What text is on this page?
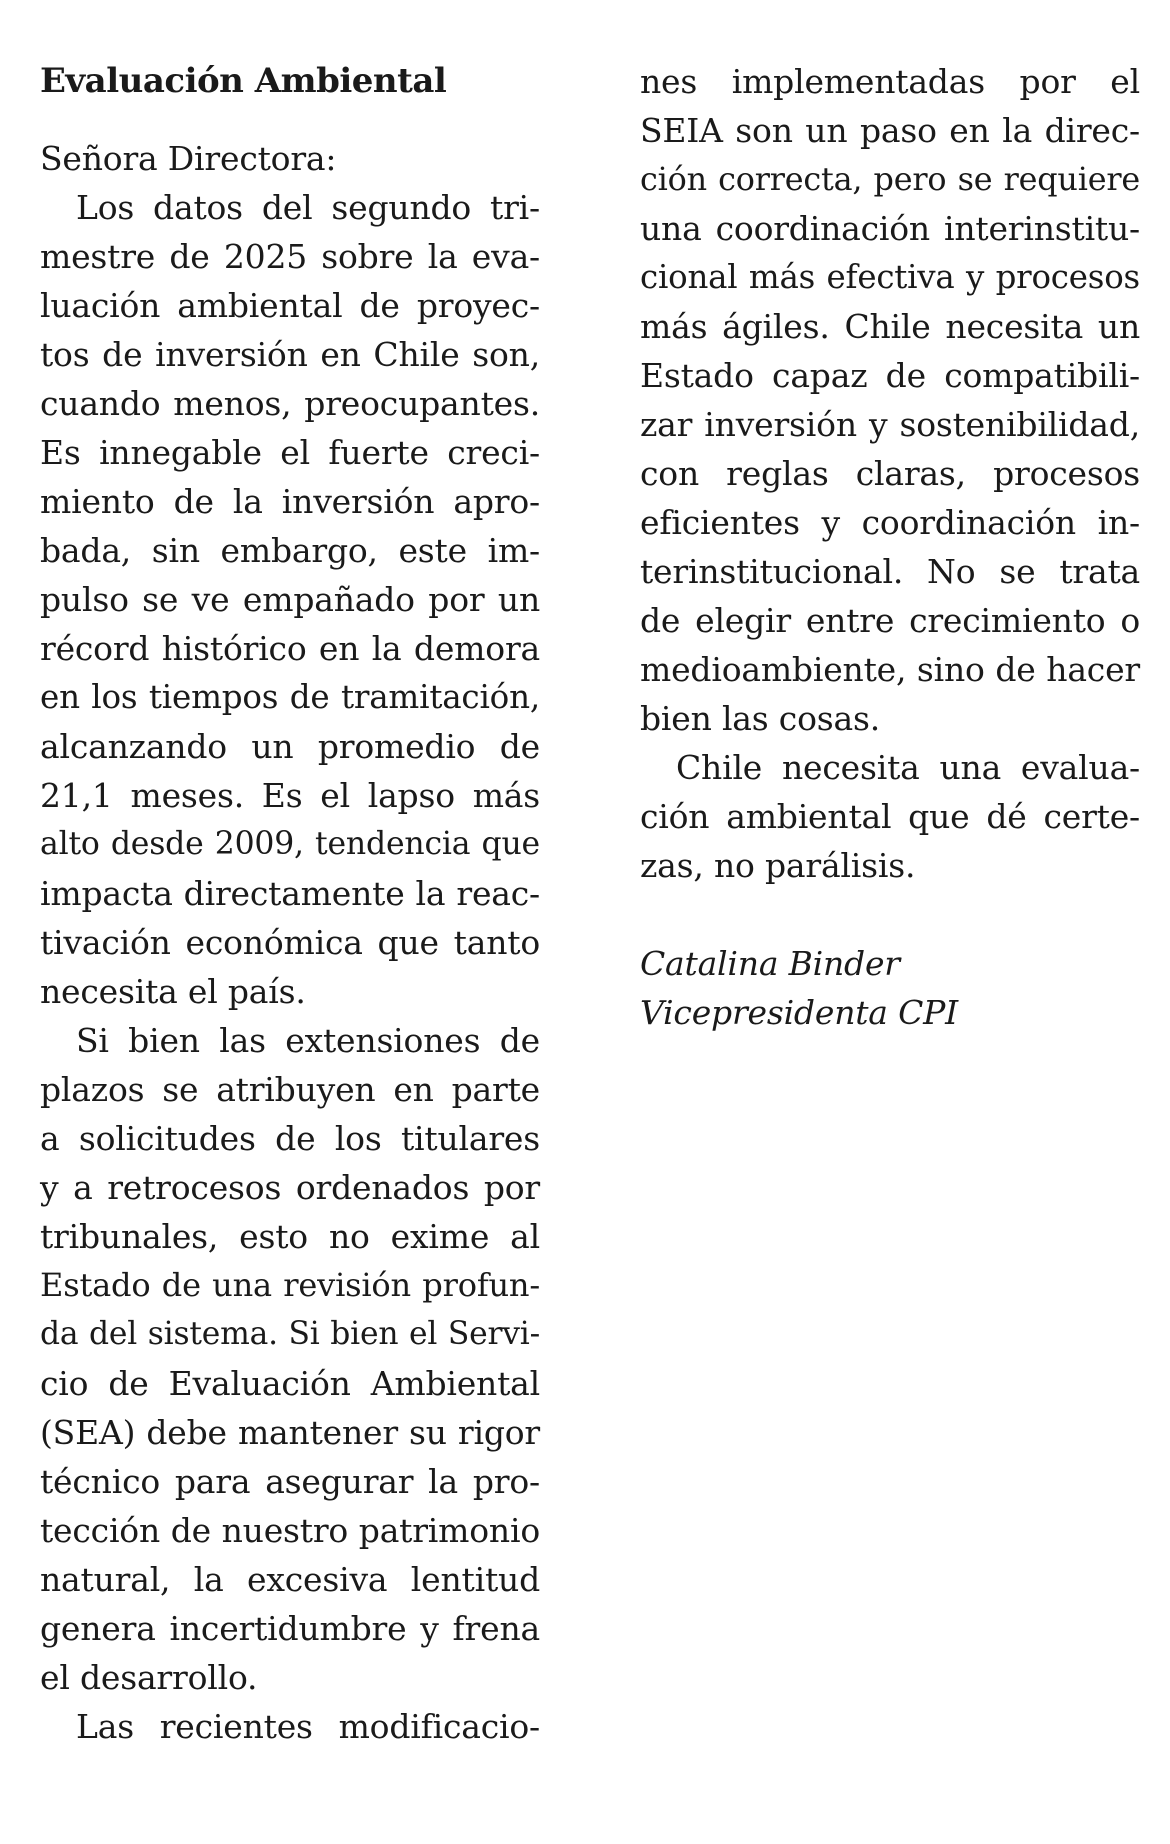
Evaluación Ambiental
Señora Directora:
Los datos del segundo tri-
mestre de 2025 sobre la eva-
luación ambiental de proyec-
tos de inversión en Chile son,
cuando menos, preocupantes.
Es innegable el fuerte creci-
miento de la inversión apro-
bada, sin embargo, este im-
pulso se ve empañado por un
récord histórico en la demora
en los tiempos de tramitación,
alcanzando un promedio de
21,1 meses. Es el lapso más
alto desde 2009, tendencia que
impacta directamente la reac-
tivación económica que tanto
necesita el país.
Si bien las extensiones de
plazos se atribuyen en parte
a solicitudes de los titulares
y a retrocesos ordenados por
tribunales, esto no exime al
Estado de una revisión profun-
da del sistema. Si bien el Servi-
cio de Evaluación Ambiental
(SEA) debe mantener su rigor
técnico para asegurar la pro-
tección de nuestro patrimonio
natural, la excesiva lentitud
genera incertidumbre y frena
el desarrollo.
Las recientes modificacio-
nes implementadas por el
SEIA son un paso en la direc-
ción correcta, pero se requiere
una coordinación interinstitu-
cional más efectiva y procesos
más ágiles. Chile necesita un
Estado capaz de compatibili-
zar inversión y sostenibilidad,
con reglas claras, procesos
eficientes y coordinación in-
terinstitucional. No se trata
de elegir entre crecimiento o
medioambiente, sino de hacer
bien las cosas.
Chile necesita una evalua-
ción ambiental que dé certe-
zas, no parálisis.
Catalina Binder
Vicepresidenta CPI
